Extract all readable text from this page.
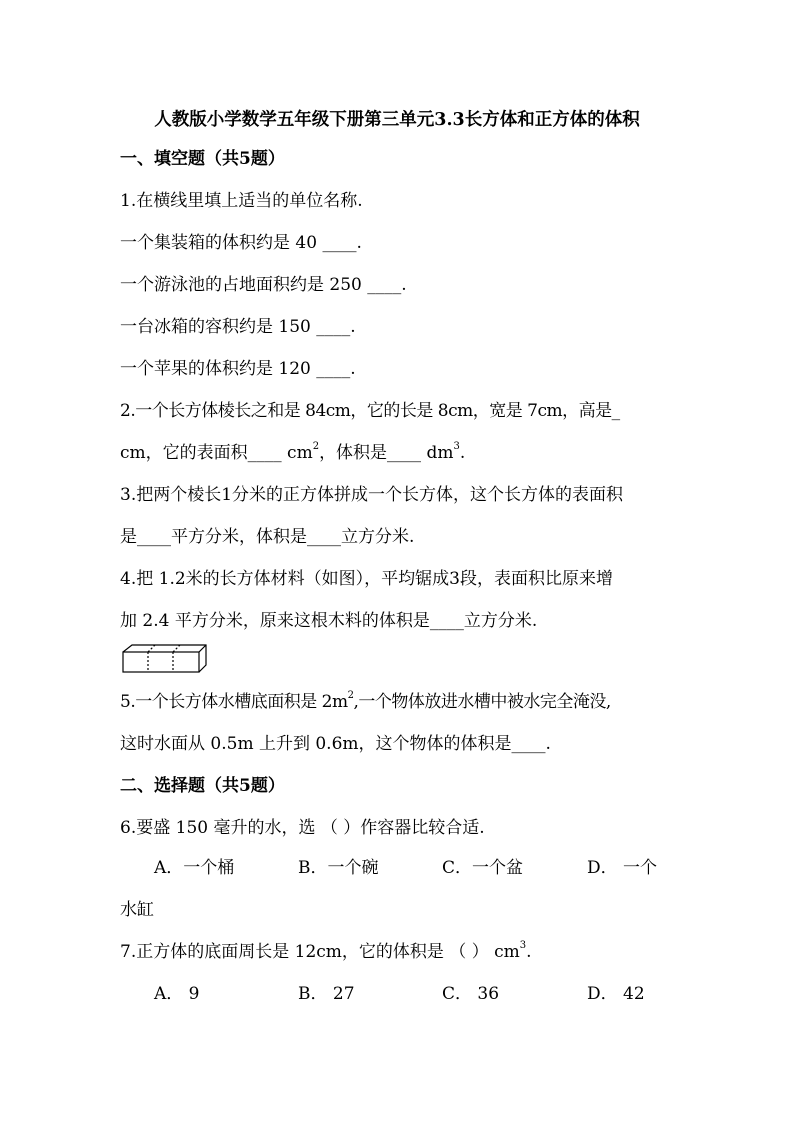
人教版小学数学五年级下册第三单元3.3长方体和正方体的体积
一、填空题（共5题）
1.在横线里填上适当的单位名称.
一个集装箱的体积约是 40 ____.
一个游泳池的占地面积约是 250 ____.
一台冰箱的容积约是 150 ____.
一个苹果的体积约是 120 ____.
2.一个长方体棱长之和是 84cm，它的长是 8cm，宽是 7cm，高是_
cm，它的表面积____ $cm^2$，体积是____ $dm^3$.
3.把两个棱长1分米的正方体拼成一个长方体，这个长方体的表面积
是____平方分米，体积是____立方分米.
4.把 1.2米的长方体材料（如图），平均锯成3段，表面积比原来增
加 2.4 平方分米，原来这根木料的体积是____立方分米.
5.一个长方体水槽底面积是 $2m^2$,一个物体放进水槽中被水完全淹没,
这时水面从 0.5m 上升到 0.6m，这个物体的体积是____.
二、选择题（共5题）
6.要盛 150 毫升的水，选 （ ）作容器比较合适.
A．一个桶	B．一个碗	C．一个盆	D． 一个
水缸
7.正方体的底面周长是 12cm，它的体积是 （ ） $cm^3$.
A． 9	B． 27	C． 36	D． 42
